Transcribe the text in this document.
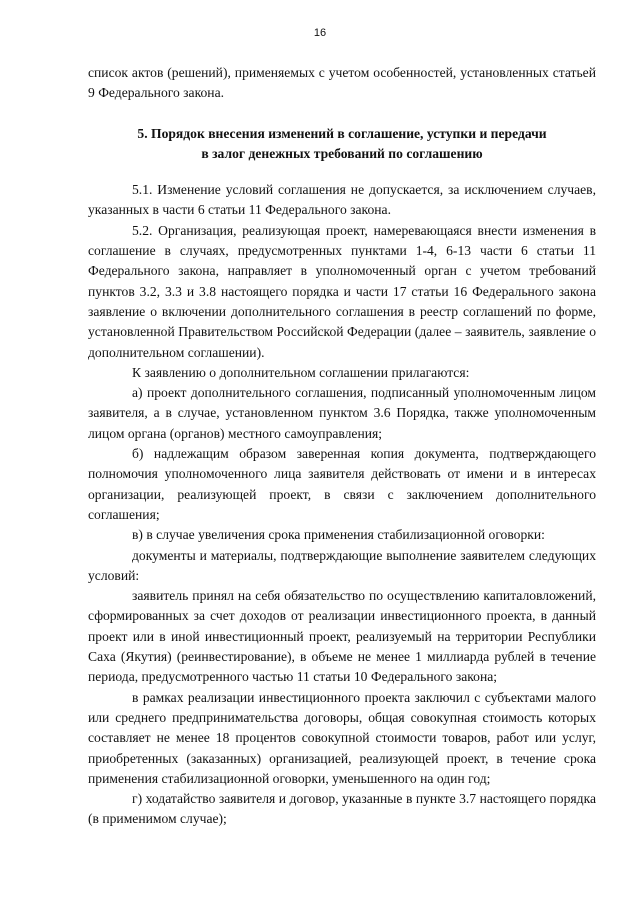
16

список актов (решений), применяемых с учетом особенностей, установленных статьей 9 Федерального закона.

5. Порядок внесения изменений в соглашение, уступки и передачи
в залог денежных требований по соглашению

5.1. Изменение условий соглашения не допускается, за исключением случаев, указанных в части 6 статьи 11 Федерального закона.

5.2. Организация, реализующая проект, намеревающаяся внести изменения в соглашение в случаях, предусмотренных пунктами 1-4, 6-13 части 6 статьи 11 Федерального закона, направляет в уполномоченный орган с учетом требований пунктов 3.2, 3.3 и 3.8 настоящего порядка и части 17 статьи 16 Федерального закона заявление о включении дополнительного соглашения в реестр соглашений по форме, установленной Правительством Российской Федерации (далее – заявитель, заявление о дополнительном соглашении).

К заявлению о дополнительном соглашении прилагаются:

а) проект дополнительного соглашения, подписанный уполномоченным лицом заявителя, а в случае, установленном пунктом 3.6 Порядка, также уполномоченным лицом органа (органов) местного самоуправления;

б) надлежащим образом заверенная копия документа, подтверждающего полномочия уполномоченного лица заявителя действовать от имени и в интересах организации, реализующей проект, в связи с заключением дополнительного соглашения;

в) в случае увеличения срока применения стабилизационной оговорки:

документы и материалы, подтверждающие выполнение заявителем следующих условий:

заявитель принял на себя обязательство по осуществлению капиталовложений, сформированных за счет доходов от реализации инвестиционного проекта, в данный проект или в иной инвестиционный проект, реализуемый на территории Республики Саха (Якутия) (реинвестирование), в объеме не менее 1 миллиарда рублей в течение периода, предусмотренного частью 11 статьи 10 Федерального закона;

в рамках реализации инвестиционного проекта заключил с субъектами малого или среднего предпринимательства договоры, общая совокупная стоимость которых составляет не менее 18 процентов совокупной стоимости товаров, работ или услуг, приобретенных (заказанных) организацией, реализующей проект, в течение срока применения стабилизационной оговорки, уменьшенного на один год;

г) ходатайство заявителя и договор, указанные в пункте 3.7 настоящего порядка (в применимом случае);
